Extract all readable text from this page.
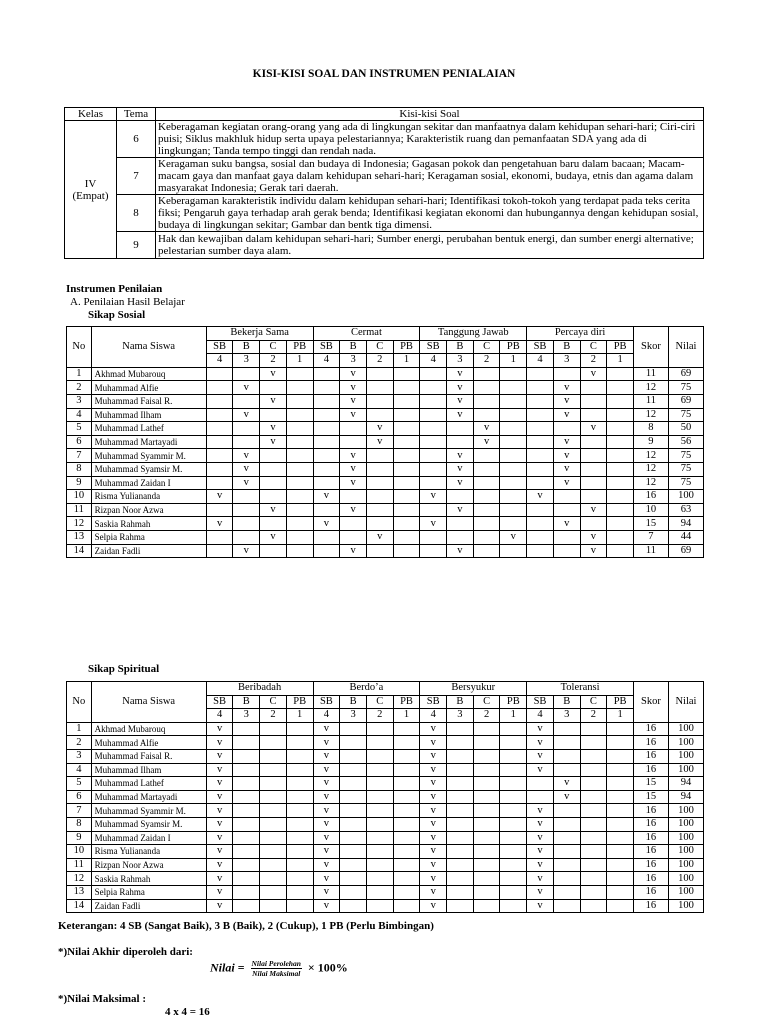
KISI-KISI SOAL DAN INSTRUMEN PENIALAIAN
Kelas	Tema	Kisi-kisi Soal

IV
(Empat)	6	Keberagaman kegiatan orang-orang yang ada di lingkungan sekitar dan manfaatnya dalam kehidupan sehari-hari; Ciri-ciri puisi; Siklus makhluk hidup serta upaya pelestariannya; Karakteristik ruang dan pemanfaatan SDA yang ada di lingkungan; Tanda tempo tinggi dan rendah nada.
	7	Keragaman suku bangsa, sosial dan budaya di Indonesia; Gagasan pokok dan pengetahuan baru dalam bacaan; Macam-macam gaya dan manfaat gaya dalam kehidupan sehari-hari; Keragaman sosial, ekonomi, budaya, etnis dan agama dalam masyarakat Indonesia; Gerak tari daerah.
	8	Keberagaman karakteristik individu dalam kehidupan sehari-hari; Identifikasi tokoh-tokoh yang terdapat pada teks cerita fiksi; Pengaruh gaya terhadap arah gerak benda; Identifikasi kegiatan ekonomi dan hubungannya dengan kehidupan sosial, budaya di lingkungan sekitar; Gambar dan bentk tiga dimensi.
	9	Hak dan kewajiban dalam kehidupan sehari-hari; Sumber energi, perubahan bentuk energi, dan sumber energi alternative; pelestarian sumber daya alam.
Instrumen Penilaian
A. Penilaian Hasil Belajar
Sikap Sosial
No	Nama Siswa	Bekerja Sama				Cermat				Tanggung Jawab				Percaya diri				Skor	Nilai
		SB	B	C	PB	SB	B	C	PB	SB	B	C	PB	SB	B	C	PB		
		4	3	2	1	4	3	2	1	4	3	2	1	4	3	2	1		
1	Akhmad Mubarouq			v			v				v					v		11	69
2	Muhammad Alfie		v				v				v				v			12	75
3	Muhammad Faisal R.			v			v				v				v			11	69
4	Muhammad Ilham		v				v				v				v			12	75
5	Muhammad Lathef			v				v				v				v		8	50
6	Muhammad Martayadi			v				v				v			v			9	56
7	Muhammad Syammir M.		v				v				v				v			12	75
8	Muhammad Syamsir M.		v				v				v				v			12	75
9	Muhammad Zaidan I		v				v				v				v			12	75
10	Risma Yuliananda	v				v				v				v				16	100
11	Rizpan Noor Azwa			v			v				v					v		10	63
12	Saskia Rahmah	v				v				v					v			15	94
13	Selpia Rahma			v				v					v			v		7	44
14	Zaidan Fadli		v				v				v					v		11	69
Sikap Spiritual
No	Nama Siswa	Beribadah				Berdo’a				Bersyukur				Toleransi				Skor	Nilai
		SB	B	C	PB	SB	B	C	PB	SB	B	C	PB	SB	B	C	PB		
		4	3	2	1	4	3	2	1	4	3	2	1	4	3	2	1		
1	Akhmad Mubarouq	v				v				v				v				16	100
2	Muhammad Alfie	v				v				v				v				16	100
3	Muhammad Faisal R.	v				v				v				v				16	100
4	Muhammad Ilham	v				v				v				v				16	100
5	Muhammad Lathef	v				v				v					v			15	94
6	Muhammad Martayadi	v				v				v					v			15	94
7	Muhammad Syammir M.	v				v				v				v				16	100
8	Muhammad Syamsir M.	v				v				v				v				16	100
9	Muhammad Zaidan I	v				v				v				v				16	100
10	Risma Yuliananda	v				v				v				v				16	100
11	Rizpan Noor Azwa	v				v				v				v				16	100
12	Saskia Rahmah	v				v				v				v				16	100
13	Selpia Rahma	v				v				v				v				16	100
14	Zaidan Fadli	v				v				v				v				16	100
Keterangan: 4 SB (Sangat Baik), 3 B (Baik), 2 (Cukup), 1 PB (Perlu Bimbingan)
*)Nilai Akhir diperoleh dari:
Nilai = $\frac{\text{Nilai Perolehan}}{\text{Nilai Maksimal}} \times 100\%$
*)Nilai Maksimal :
4 x 4 = 16
